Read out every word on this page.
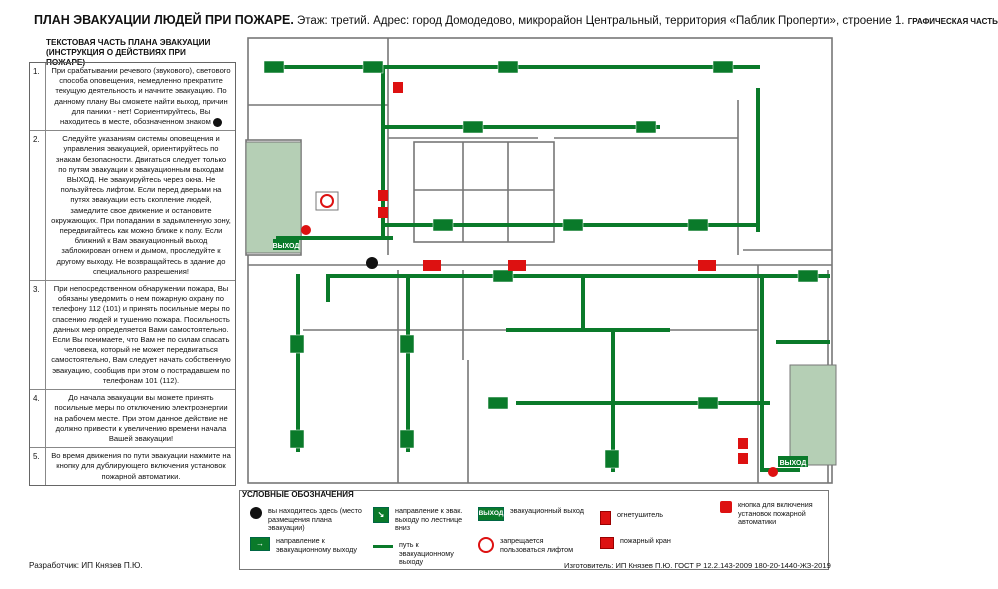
ПЛАН ЭВАКУАЦИИ ЛЮДЕЙ ПРИ ПОЖАРЕ. Этаж: третий. Адрес: город Домодедово, микрорайон Центральный, территория «Паблик Проперти», строение 1. ГРАФИЧЕСКАЯ ЧАСТЬ
ТЕКСТОВАЯ ЧАСТЬ ПЛАНА ЭВАКУАЦИИ (ИНСТРУКЦИЯ О ДЕЙСТВИЯХ ПРИ ПОЖАРЕ)
1.	При срабатывании речевого (звукового), светового способа оповещения, немедленно прекратите текущую деятельность и начните эвакуацию. По данному плану Вы сможете найти выход, причин для паники - нет! Сориентируйтесь, Вы находитесь в месте, обозначенном знаком
2.	Следуйте указаниям системы оповещения и управления эвакуацией, ориентируйтесь по знакам безопасности. Двигаться следует только по путям эвакуации к эвакуационным выходам ВЫХОД. Не эвакуируйтесь через окна. Не пользуйтесь лифтом. Если перед дверьми на путях эвакуации есть скопление людей, замедлите свое движение и остановите окружающих. При попадании в задымленную зону, передвигайтесь как можно ближе к полу. Если ближний к Вам эвакуационный выход заблокирован огнем и дымом, проследуйте к другому выходу. Не возвращайтесь в здание до специального разрешения!
3.	При непосредственном обнаружении пожара, Вы обязаны уведомить о нем пожарную охрану по телефону 112 (101) и принять посильные меры по спасению людей и тушению пожара. Посильность данных мер определяется Вами самостоятельно. Если Вы понимаете, что Вам не по силам спасать человека, который не может передвигаться самостоятельно, Вам следует начать собственную эвакуацию, сообщив при этом о пострадавшем по телефонам 101 (112).
4.	До начала эвакуации вы можете принять посильные меры по отключению электроэнергии на рабочем месте. При этом данное действие не должно привести к увеличению времени начала Вашей эвакуации!
5.	Во время движения по пути эвакуации нажмите на кнопку для дублирующего включения установок пожарной автоматики.
ВЫХОД
ВЫХОД
УСЛОВНЫЕ ОБОЗНАЧЕНИЯ
вы находитесь здесь (место размещения плана эвакуации)
→	направление к эвакуационному выходу
↘	направление к эвак. выходу по лестнице вниз
путь к эвакуационному выходу
ВЫХОД эвакуационный выход
запрещается пользоваться лифтом
огнетушитель
пожарный кран
кнопка для включения установок пожарной автоматики
Разработчик: ИП Князев П.Ю.	Изготовитель: ИП Князев П.Ю. ГОСТ Р 12.2.143-2009 180-20-1440-ЖЗ-2019
